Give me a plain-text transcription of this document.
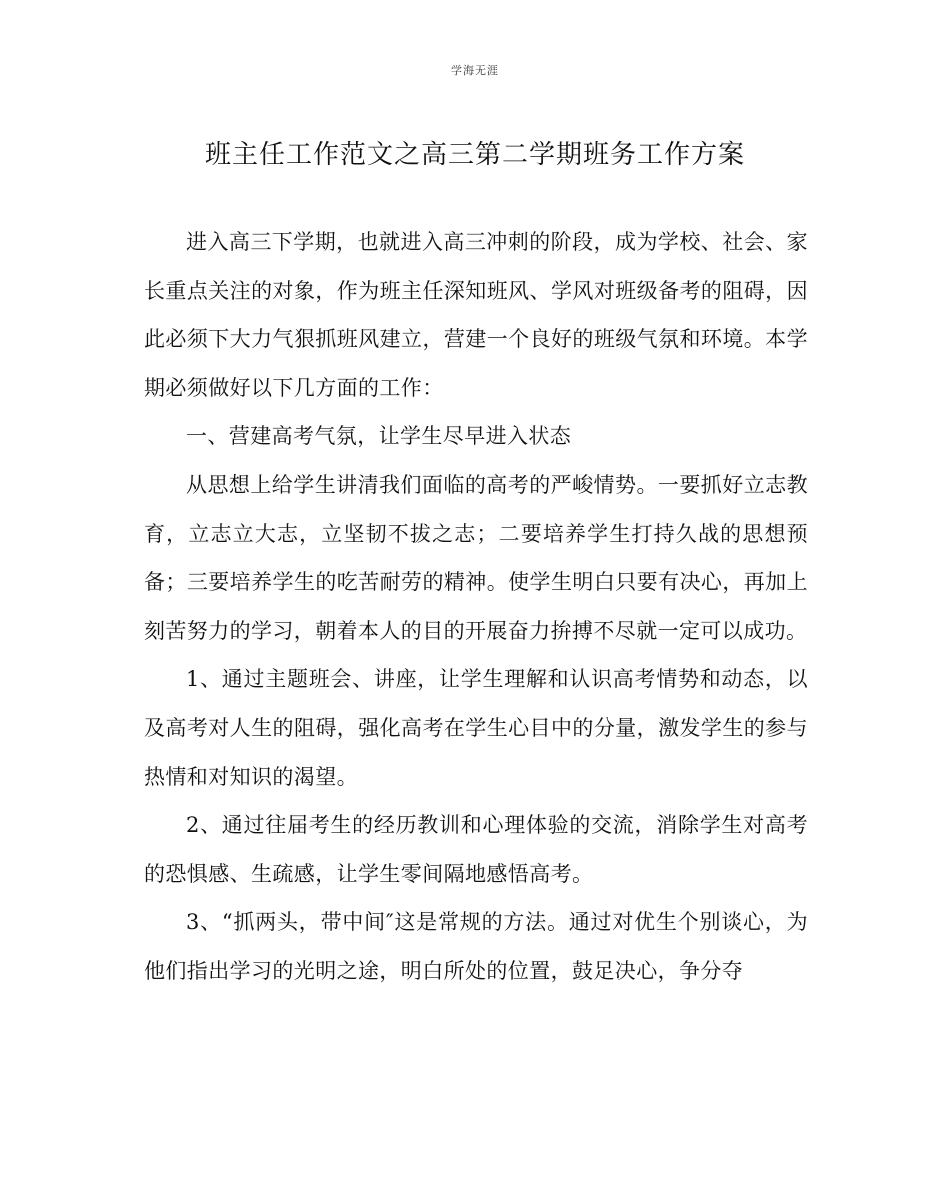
学海无涯
班主任工作范文之高三第二学期班务工作方案

进入高三下学期，也就进入高三冲刺的阶段，成为学校、社会、家长重点关注的对象，作为班主任深知班风、学风对班级备考的阻碍，因此必须下大力气狠抓班风建立，营建一个良好的班级气氛和环境。本学期必须做好以下几方面的工作：

一、营建高考气氛，让学生尽早进入状态

从思想上给学生讲清我们面临的高考的严峻情势。一要抓好立志教育，立志立大志，立坚韧不拔之志；二要培养学生打持久战的思想预备；三要培养学生的吃苦耐劳的精神。使学生明白只要有决心，再加上刻苦努力的学习，朝着本人的目的开展奋力拚搏不尽就一定可以成功。

1、通过主题班会、讲座，让学生理解和认识高考情势和动态，以及高考对人生的阻碍，强化高考在学生心目中的分量，激发学生的参与热情和对知识的渴望。

2、通过往届考生的经历教训和心理体验的交流，消除学生对高考的恐惧感、生疏感，让学生零间隔地感悟高考。

3、“抓两头，带中间″这是常规的方法。通过对优生个别谈心，为他们指出学习的光明之途，明白所处的位置，鼓足决心，争分夺
